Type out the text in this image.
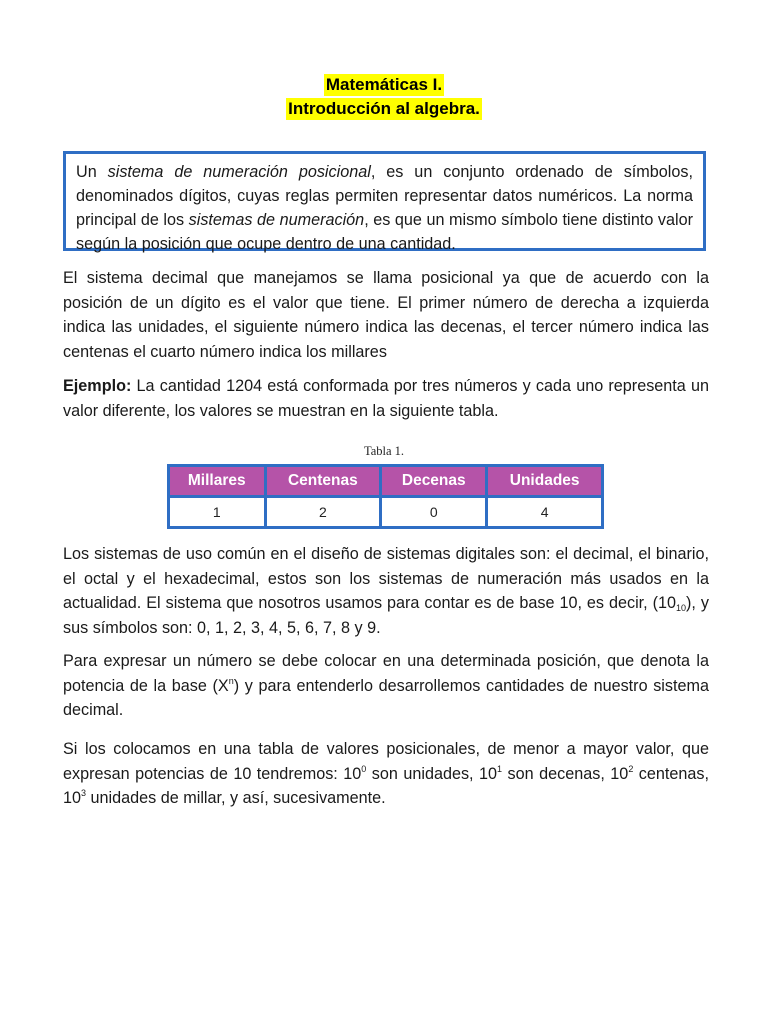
Matemáticas I.
Introducción al algebra.
Un sistema de numeración posicional, es un conjunto ordenado de símbolos, denominados dígitos, cuyas reglas permiten representar datos numéricos. La norma principal de los sistemas de numeración, es que un mismo símbolo tiene distinto valor según la posición que ocupe dentro de una cantidad.
El sistema decimal que manejamos se llama posicional ya que de acuerdo con la posición de un dígito es el valor que tiene. El primer número de derecha a izquierda indica las unidades, el siguiente número indica las decenas, el tercer número indica las centenas el cuarto número indica los millares
Ejemplo: La cantidad 1204 está conformada por tres números y cada uno representa un valor diferente, los valores se muestran en la siguiente tabla.
Tabla 1.
Millares	Centenas	Decenas	Unidades
1	2	0	4
Los sistemas de uso común en el diseño de sistemas digitales son: el decimal, el binario, el octal y el hexadecimal, estos son los sistemas de numeración más usados en la actualidad. El sistema que nosotros usamos para contar es de base 10, es decir, $(10_{10})$, y sus símbolos son: 0, 1, 2, 3, 4, 5, 6, 7, 8 y 9.
Para expresar un número se debe colocar en una determinada posición, que denota la potencia de la base $(X^n)$ y para entenderlo desarrollemos cantidades de nuestro sistema decimal.
Si los colocamos en una tabla de valores posicionales, de menor a mayor valor, que expresan potencias de 10 tendremos: $10^0$ son unidades, $10^1$ son decenas, $10^2$ centenas, $10^3$ unidades de millar, y así, sucesivamente.
